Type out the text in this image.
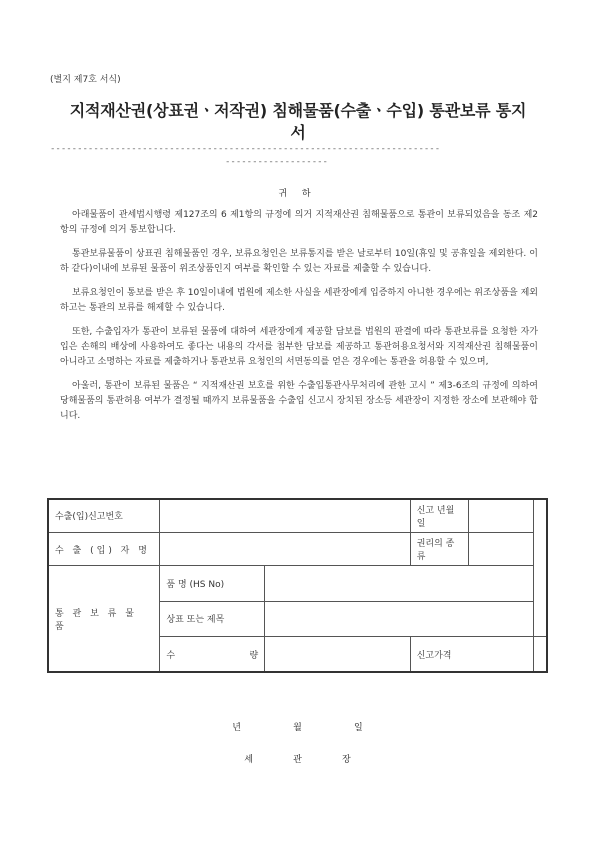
(별지 제7호 서식)
지적재산권(상표권ㆍ저작권) 침해물품(수출ㆍ수입) 통관보류 통지
서
------------------------------------------------------------------------
-------------------
귀 하

아래물품이 관세법시행령 제127조의 6 제1항의 규정에 의거 지적재산권 침해물품으로 통관이 보류되었음을 동조 제2항의 규정에 의거 통보합니다.

통관보류물품이 상표권 침해물품인 경우, 보류요청인은 보류통지를 받은 날로부터 10일(휴일 및 공휴일을 제외한다. 이하 같다)이내에 보류된 물품이 위조상품인지 여부를 확인할 수 있는 자료를 제출할 수 있습니다.

보류요청인이 통보를 받은 후 10일이내에 법원에 제소한 사실을 세관장에게 입증하지 아니한 경우에는 위조상품을 제외하고는 통관의 보류를 해제할 수 있습니다.

또한, 수출입자가 통관이 보류된 물품에 대하여 세관장에게 제공할 담보를 법원의 판결에 따라 통관보류를 요청한 자가 입은 손해의 배상에 사용하여도 좋다는 내용의 각서를 첨부한 담보를 제공하고 통관허용요청서와 지적재산권 침해물품이 아니라고 소명하는 자료를 제출하거나 통관보류 요청인의 서면동의를 얻은 경우에는 통관을 허용할 수 있으며,

아울러, 통관이 보류된 물품은 “ 지적재산권 보호를 위한 수출입통관사무처리에 관한 고시 ” 제3-6조의 규정에 의하여 당해물품의 통관허용 여부가 결정될 때까지 보류물품을 수출입 신고시 장치된 장소등 세관장이 지정한 장소에 보관해야 합니다.

수출(입)신고번호			신고 년월일		
수 출 (입) 자 명			권리의 종류		
통 관 보 류 물 품	품 명 (HS No)				
	상표 또는 제목				

	수 량		신고가격		
년	월	일
세	관	장
